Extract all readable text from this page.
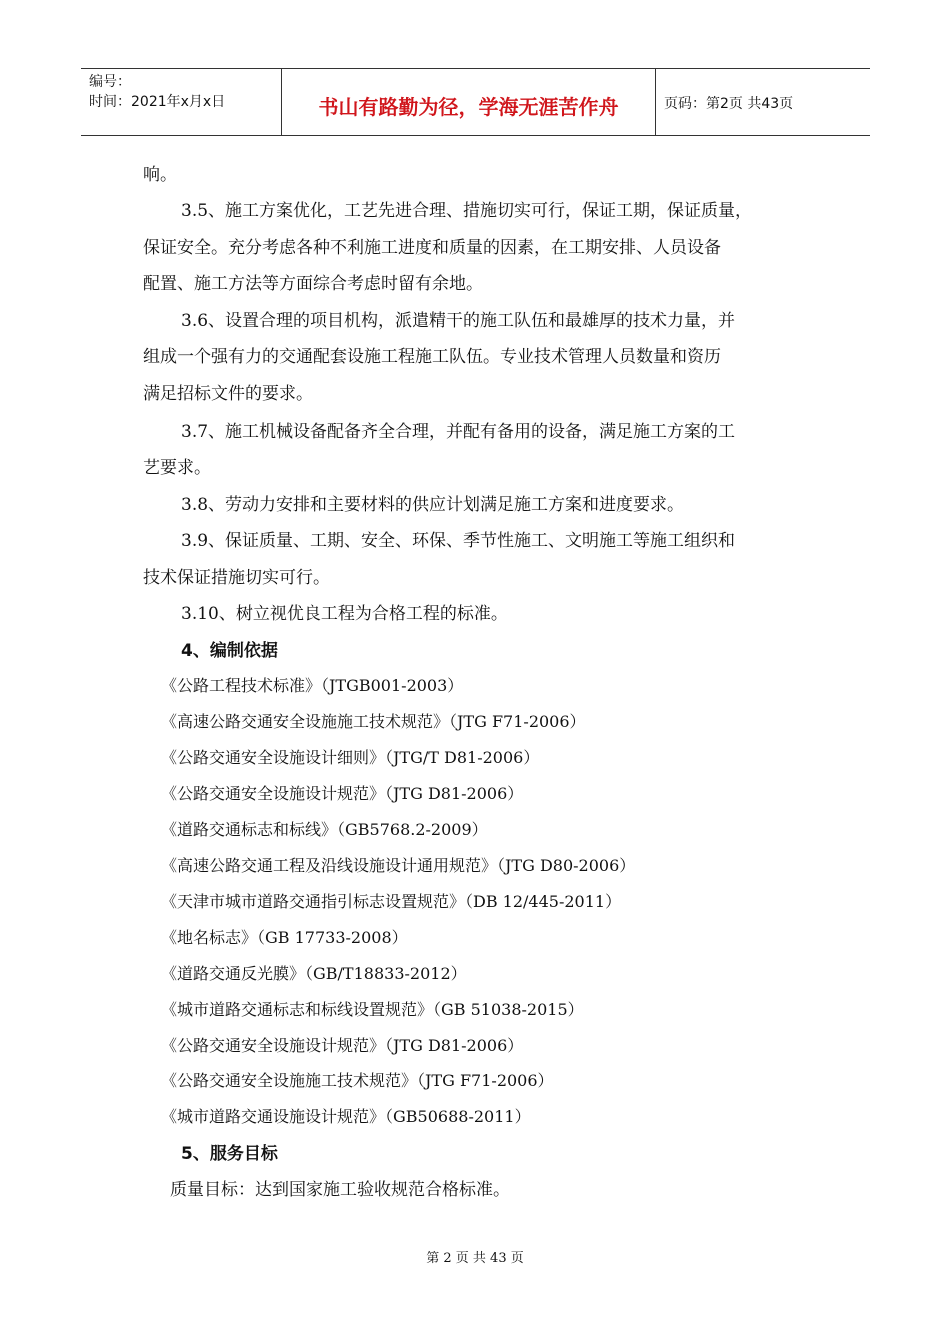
编号：
时间：2021年x月x日	书山有路勤为径，学海无涯苦作舟	页码：第2页 共43页
响。
3.5、施工方案优化，工艺先进合理、措施切实可行，保证工期，保证质量，
保证安全。充分考虑各种不利施工进度和质量的因素，在工期安排、人员设备
配置、施工方法等方面综合考虑时留有余地。
3.6、设置合理的项目机构，派遣精干的施工队伍和最雄厚的技术力量，并
组成一个强有力的交通配套设施工程施工队伍。专业技术管理人员数量和资历
满足招标文件的要求。
3.7、施工机械设备配备齐全合理，并配有备用的设备，满足施工方案的工
艺要求。
3.8、劳动力安排和主要材料的供应计划满足施工方案和进度要求。
3.9、保证质量、工期、安全、环保、季节性施工、文明施工等施工组织和
技术保证措施切实可行。
3.10、树立视优良工程为合格工程的标准。
4、编制依据
《公路工程技术标准》（JTGB001-2003）
《高速公路交通安全设施施工技术规范》（JTG F71-2006）
《公路交通安全设施设计细则》（JTG/T D81-2006）
《公路交通安全设施设计规范》（JTG D81-2006）
《道路交通标志和标线》（GB5768.2-2009）
《高速公路交通工程及沿线设施设计通用规范》（JTG D80-2006）
《天津市城市道路交通指引标志设置规范》（DB 12/445-2011）
《地名标志》（GB 17733-2008）
《道路交通反光膜》（GB/T18833-2012）
《城市道路交通标志和标线设置规范》（GB 51038-2015）
《公路交通安全设施设计规范》（JTG D81-2006）
《公路交通安全设施施工技术规范》（JTG F71-2006）
《城市道路交通设施设计规范》（GB50688-2011）
5、服务目标
质量目标：达到国家施工验收规范合格标准。
第 2 页 共 43 页
